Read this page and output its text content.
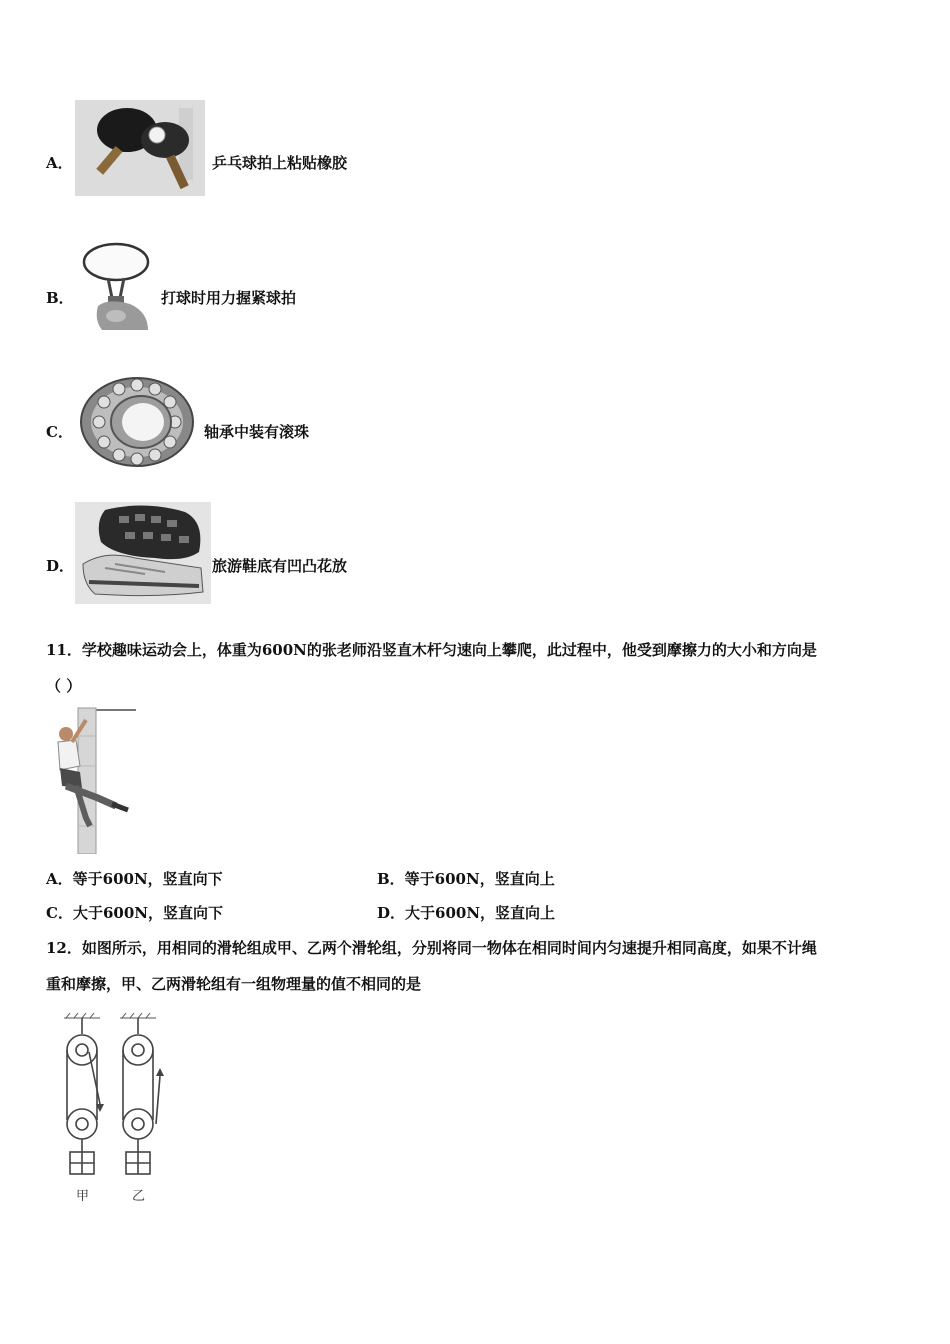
A．	乒乓球拍上粘贴橡胶
B．	打球时用力握紧球拍
C．	轴承中装有滚珠
D．	旅游鞋底有凹凸花放
11．学校趣味运动会上，体重为600N的张老师沿竖直木杆匀速向上攀爬，此过程中，他受到摩擦力的大小和方向是
（ ）
A．等于600N，竖直向下	B．等于600N，竖直向上
C．大于600N，竖直向下	D．大于600N，竖直向上
12．如图所示，用相同的滑轮组成甲、乙两个滑轮组，分别将同一物体在相同时间内匀速提升相同高度，如果不计绳
重和摩擦，甲、乙两滑轮组有一组物理量的值不相同的是
甲	乙
